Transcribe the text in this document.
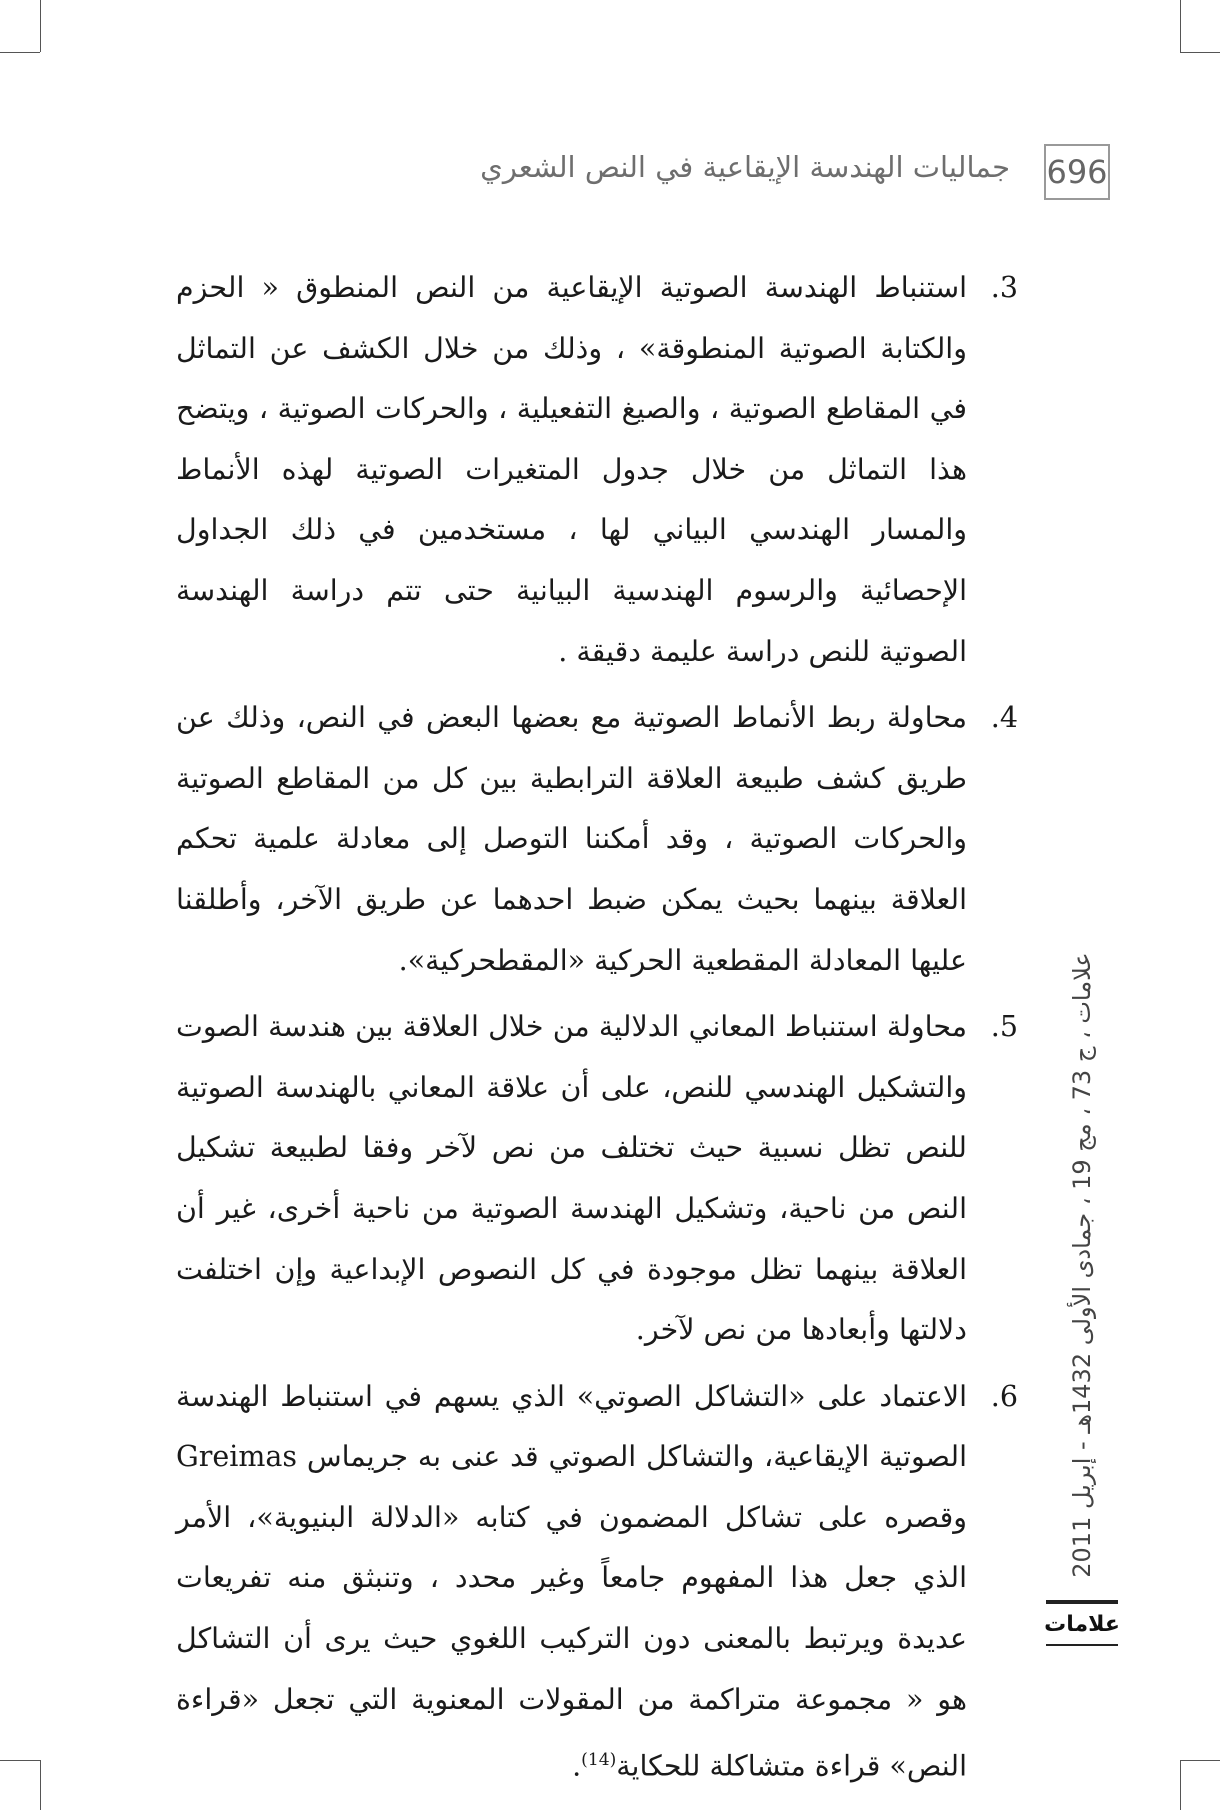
696
جماليات الهندسة الإيقاعية في النص الشعري
3.

استنباط الهندسة الصوتية الإيقاعية من النص المنطوق « الحزم والكتابة الصوتية المنطوقة» ، وذلك من خلال الكشف عن التماثل في المقاطع الصوتية ، والصيغ التفعيلية ، والحركات الصوتية ، ويتضح هذا التماثل من خلال جدول المتغيرات الصوتية لهذه الأنماط والمسار الهندسي البياني لها ، مستخدمين في ذلك الجداول الإحصائية والرسوم الهندسية البيانية حتى تتم دراسة الهندسة الصوتية للنص دراسة عليمة دقيقة .

4.

محاولة ربط الأنماط الصوتية مع بعضها البعض في النص، وذلك عن طريق كشف طبيعة العلاقة الترابطية بين كل من المقاطع الصوتية والحركات الصوتية ، وقد أمكننا التوصل إلى معادلة علمية تحكم العلاقة بينهما بحيث يمكن ضبط احدهما عن طريق الآخر، وأطلقنا عليها المعادلة المقطعية الحركية «المقطحركية».

5.

محاولة استنباط المعاني الدلالية من خلال العلاقة بين هندسة الصوت والتشكيل الهندسي للنص، على أن علاقة المعاني بالهندسة الصوتية للنص تظل نسبية حيث تختلف من نص لآخر وفقا لطبيعة تشكيل النص من ناحية، وتشكيل الهندسة الصوتية من ناحية أخرى، غير أن العلاقة بينهما تظل موجودة في كل النصوص الإبداعية وإن اختلفت دلالتها وأبعادها من نص لآخر.

6.

الاعتماد على «التشاكل الصوتي» الذي يسهم في استنباط الهندسة الصوتية الإيقاعية، والتشاكل الصوتي قد عنى به جريماس Greimas وقصره على تشاكل المضمون في كتابه «الدلالة البنيوية»، الأمر الذي جعل هذا المفهوم جامعاً وغير محدد ، وتنبثق منه تفريعات عديدة ويرتبط بالمعنى دون التركيب اللغوي حيث يرى أن التشاكل هو « مجموعة متراكمة من المقولات المعنوية التي تجعل «قراءة النص» قراءة متشاكلة للحكاية$^{(14)}$.

علامات ، ج 73 ، مج 19 ، جمادى الأولى 1432هـ - إبريل 2011
علامات
